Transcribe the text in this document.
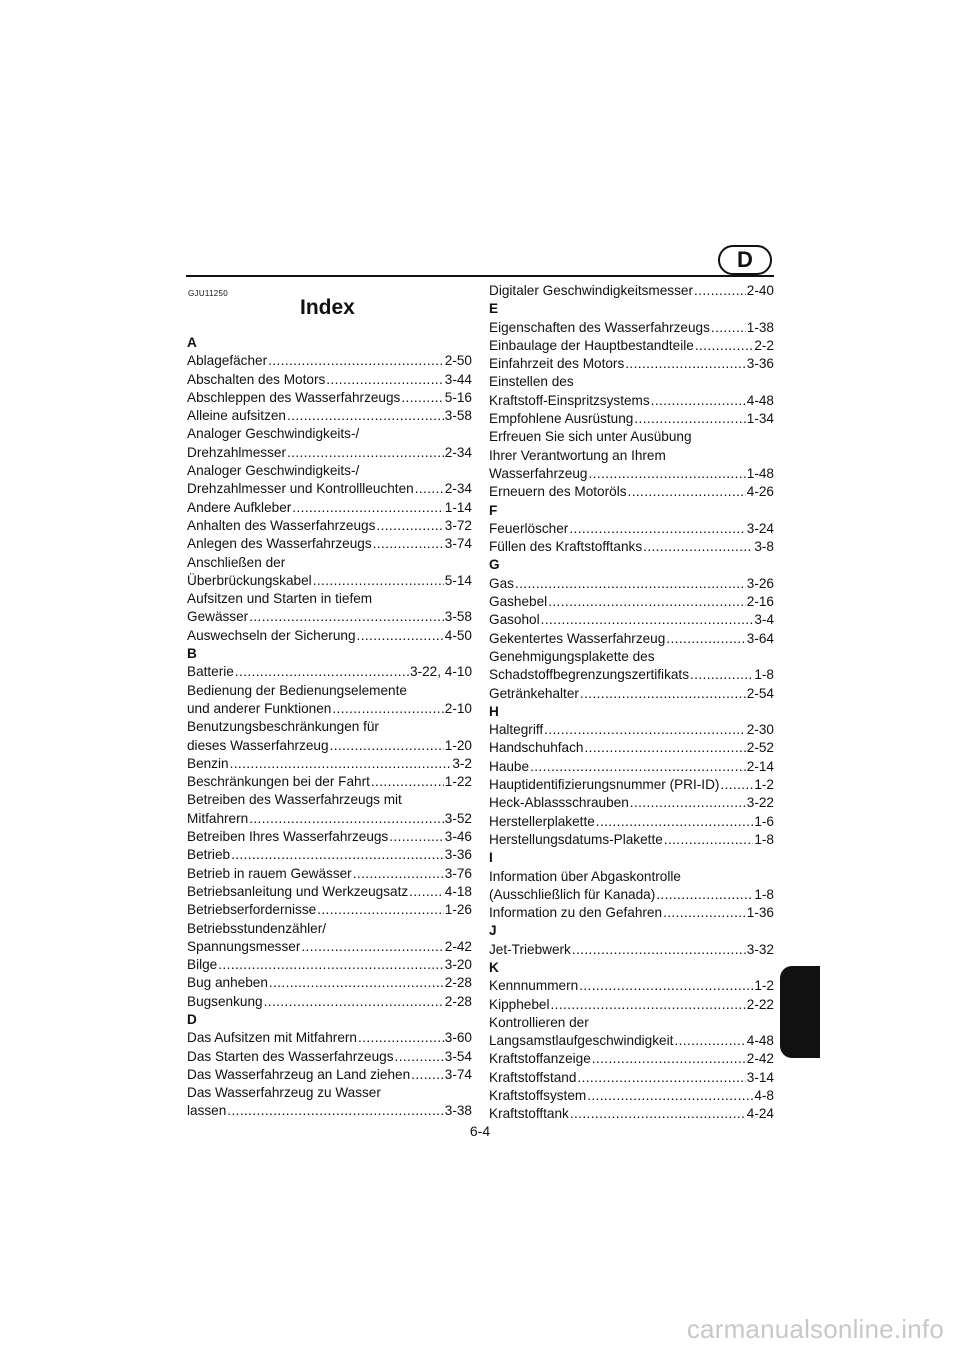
D
GJU11250
Index
A
Ablagefächer .....	2-50
Abschalten des Motors .....	3-44
Abschleppen des Wasserfahrzeugs .....	5-16
Alleine aufsitzen .....	3-58
Analoger Geschwindigkeits-/
Drehzahlmesser .....	2-34
Analoger Geschwindigkeits-/
Drehzahlmesser und Kontrollleuchten ..... 2-34
Andere Aufkleber .....	1-14
Anhalten des Wasserfahrzeugs .....	3-72
Anlegen des Wasserfahrzeugs .....	3-74
Anschließen der
Überbrückungskabel .....	5-14
Aufsitzen und Starten in tiefem
Gewässer .....	3-58
Auswechseln der Sicherung .....	4-50
B
Batterie .....	3-22, 4-10
Bedienung der Bedienungselemente
und anderer Funktionen .....	2-10
Benutzungsbeschränkungen für
dieses Wasserfahrzeug .....	1-20
Benzin .....	3-2
Beschränkungen bei der Fahrt .....	1-22
Betreiben des Wasserfahrzeugs mit
Mitfahrern .....	3-52
Betreiben Ihres Wasserfahrzeugs .....	3-46
Betrieb .....	3-36
Betrieb in rauem Gewässer .....	3-76
Betriebsanleitung und Werkzeugsatz .....	4-18
Betriebserfordernisse .....	1-26
Betriebsstundenzähler/
Spannungsmesser .....	2-42
Bilge .....	3-20
Bug anheben .....	2-28
Bugsenkung .....	2-28
D
Das Aufsitzen mit Mitfahrern .....	3-60
Das Starten des Wasserfahrzeugs .....	3-54
Das Wasserfahrzeug an Land ziehen .....	3-74
Das Wasserfahrzeug zu Wasser
lassen .....	3-38
Digitaler Geschwindigkeitsmesser .....	2-40
E
Eigenschaften des Wasserfahrzeugs .....	1-38
Einbaulage der Hauptbestandteile .....	2-2
Einfahrzeit des Motors .....	3-36
Einstellen des
Kraftstoff-Einspritzsystems .....	4-48
Empfohlene Ausrüstung .....	1-34
Erfreuen Sie sich unter Ausübung
Ihrer Verantwortung an Ihrem
Wasserfahrzeug .....	1-48
Erneuern des Motoröls .....	4-26
F
Feuerlöscher .....	3-24
Füllen des Kraftstofftanks .....	3-8
G
Gas .....	3-26
Gashebel .....	2-16
Gasohol .....	3-4
Gekentertes Wasserfahrzeug .....	3-64
Genehmigungsplakette des
Schadstoffbegrenzungszertifikats .....	1-8
Getränkehalter .....	2-54
H
Haltegriff .....	2-30
Handschuhfach .....	2-52
Haube .....	2-14
Hauptidentifizierungsnummer (PRI-ID) .....	1-2
Heck-Ablassschrauben .....	3-22
Herstellerplakette .....	1-6
Herstellungsdatums-Plakette .....	1-8
I
Information über Abgaskontrolle
(Ausschließlich für Kanada) .....	1-8
Information zu den Gefahren .....	1-36
J
Jet-Triebwerk .....	3-32
K
Kennnummern .....	1-2
Kipphebel .....	2-22
Kontrollieren der
Langsamstlaufgeschwindigkeit .....	4-48
Kraftstoffanzeige .....	2-42
Kraftstoffstand .....	3-14
Kraftstoffsystem .....	4-8
Kraftstofftank .....	4-24
6-4
carmanualsonline.info
